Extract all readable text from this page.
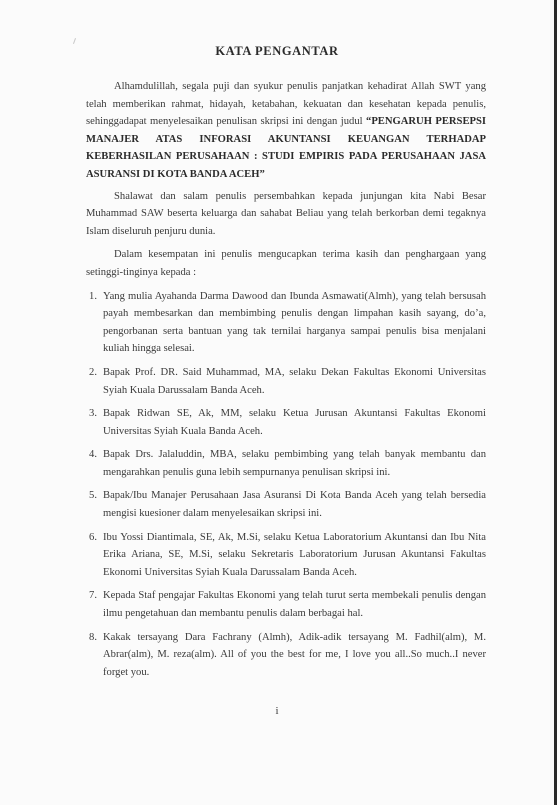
KATA PENGANTAR

Alhamdulillah, segala puji dan syukur penulis panjatkan kehadirat Allah SWT yang telah memberikan rahmat, hidayah, ketabahan, kekuatan dan kesehatan kepada penulis, sehinggadapat menyelesaikan penulisan skripsi ini dengan judul “PENGARUH PERSEPSI MANAJER ATAS INFORASI AKUNTANSI KEUANGAN TERHADAP KEBERHASILAN PERUSAHAAN : STUDI EMPIRIS PADA PERUSAHAAN JASA ASURANSI DI KOTA BANDA ACEH”

Shalawat dan salam penulis persembahkan kepada junjungan kita Nabi Besar Muhammad SAW beserta keluarga dan sahabat Beliau yang telah berkorban demi tegaknya Islam diseluruh penjuru dunia.

Dalam kesempatan ini penulis mengucapkan terima kasih dan penghargaan yang setinggi-tinginya kepada :

1. Yang mulia Ayahanda Darma Dawood dan Ibunda Asmawati(Almh), yang telah bersusah payah membesarkan dan membimbing penulis dengan limpahan kasih sayang, do’a, pengorbanan serta bantuan yang tak ternilai harganya sampai penulis bisa menjalani kuliah hingga selesai.
2. Bapak Prof. DR. Said Muhammad, MA, selaku Dekan Fakultas Ekonomi Universitas Syiah Kuala Darussalam Banda Aceh.
3. Bapak Ridwan SE, Ak, MM, selaku Ketua Jurusan Akuntansi Fakultas Ekonomi Universitas Syiah Kuala Banda Aceh.
4. Bapak Drs. Jalaluddin, MBA, selaku pembimbing yang telah banyak membantu dan mengarahkan penulis guna lebih sempurnanya penulisan skripsi ini.
5. Bapak/Ibu Manajer Perusahaan Jasa Asuransi Di Kota Banda Aceh yang telah bersedia mengisi kuesioner dalam menyelesaikan skripsi ini.
6. Ibu Yossi Diantimala, SE, Ak, M.Si, selaku Ketua Laboratorium Akuntansi dan Ibu Nita Erika Ariana, SE, M.Si, selaku Sekretaris Laboratorium Jurusan Akuntansi Fakultas Ekonomi Universitas Syiah Kuala Darussalam Banda Aceh.
7. Kepada Staf pengajar Fakultas Ekonomi yang telah turut serta membekali penulis dengan ilmu pengetahuan dan membantu penulis dalam berbagai hal.
8. Kakak tersayang Dara Fachrany (Almh), Adik-adik tersayang M. Fadhil(alm), M. Abrar(alm), M. reza(alm). All of you the best for me, I love you all..So much..I never forget you.
i
